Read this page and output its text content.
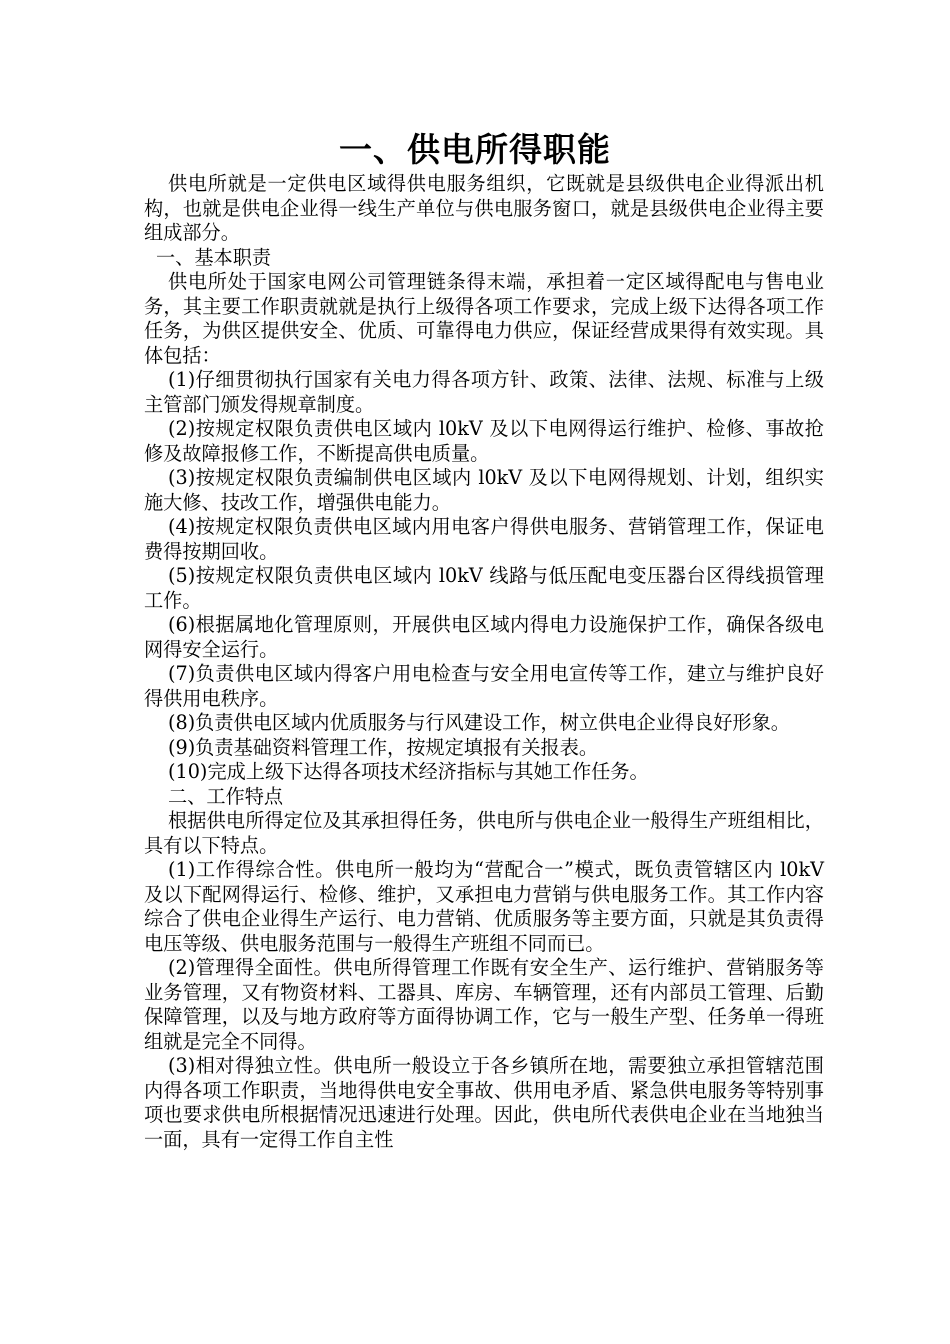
一、供电所得职能

供电所就是一定供电区域得供电服务组织，它既就是县级供电企业得派出机构，也就是供电企业得一线生产单位与供电服务窗口，就是县级供电企业得主要组成部分。

一、基本职责

供电所处于国家电网公司管理链条得末端，承担着一定区域得配电与售电业务，其主要工作职责就就是执行上级得各项工作要求，完成上级下达得各项工作任务，为供区提供安全、优质、可靠得电力供应，保证经营成果得有效实现。具体包括：

(1)仔细贯彻执行国家有关电力得各项方针、政策、法律、法规、标准与上级主管部门颁发得规章制度。

(2)按规定权限负责供电区域内 l0kV 及以下电网得运行维护、检修、事故抢修及故障报修工作，不断提高供电质量。

(3)按规定权限负责编制供电区域内 l0kV 及以下电网得规划、计划，组织实施大修、技改工作，增强供电能力。

(4)按规定权限负责供电区域内用电客户得供电服务、营销管理工作，保证电费得按期回收。

(5)按规定权限负责供电区域内 l0kV 线路与低压配电变压器台区得线损管理工作。

(6)根据属地化管理原则，开展供电区域内得电力设施保护工作，确保各级电网得安全运行。

(7)负责供电区域内得客户用电检查与安全用电宣传等工作，建立与维护良好得供用电秩序。

(8)负责供电区域内优质服务与行风建设工作，树立供电企业得良好形象。

(9)负责基础资料管理工作，按规定填报有关报表。

(10)完成上级下达得各项技术经济指标与其她工作任务。

二、工作特点

根据供电所得定位及其承担得任务，供电所与供电企业一般得生产班组相比，具有以下特点。

(1)工作得综合性。供电所一般均为“营配合一”模式，既负责管辖区内 l0kV 及以下配网得运行、检修、维护，又承担电力营销与供电服务工作。其工作内容综合了供电企业得生产运行、电力营销、优质服务等主要方面，只就是其负责得电压等级、供电服务范围与一般得生产班组不同而已。

(2)管理得全面性。供电所得管理工作既有安全生产、运行维护、营销服务等业务管理，又有物资材料、工器具、库房、车辆管理，还有内部员工管理、后勤保障管理，以及与地方政府等方面得协调工作，它与一般生产型、任务单一得班组就是完全不同得。

(3)相对得独立性。供电所一般设立于各乡镇所在地，需要独立承担管辖范围内得各项工作职责，当地得供电安全事故、供用电矛盾、紧急供电服务等特别事项也要求供电所根据情况迅速进行处理。因此，供电所代表供电企业在当地独当一面，具有一定得工作自主性
